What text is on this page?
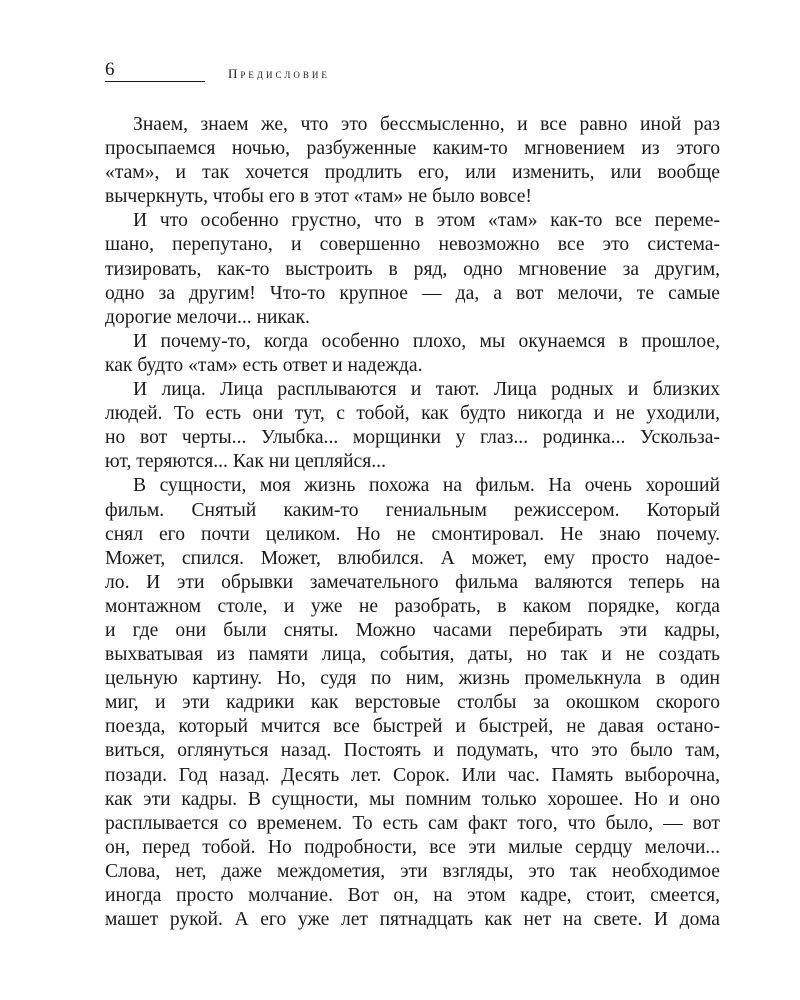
6	Предисловие
Знаем, знаем же, что это бессмысленно, и все равно иной раз
просыпаемся ночью, разбуженные каким-то мгновением из этого
«там», и так хочется продлить его, или изменить, или вообще
вычеркнуть, чтобы его в этот «там» не было вовсе!
И что особенно грустно, что в этом «там» как-то все переме-
шано, перепутано, и совершенно невозможно все это система-
тизировать, как-то выстроить в ряд, одно мгновение за другим,
одно за другим! Что-то крупное — да, а вот мелочи, те самые
дорогие мелочи... никак.
И почему-то, когда особенно плохо, мы окунаемся в прошлое,
как будто «там» есть ответ и надежда.
И лица. Лица расплываются и тают. Лица родных и близких
людей. То есть они тут, с тобой, как будто никогда и не уходили,
но вот черты... Улыбка... морщинки у глаз... родинка... Ускольза-
ют, теряются... Как ни цепляйся...
В сущности, моя жизнь похожа на фильм. На очень хороший
фильм. Снятый каким-то гениальным режиссером. Который
снял его почти целиком. Но не смонтировал. Не знаю почему.
Может, спился. Может, влюбился. А может, ему просто надое-
ло. И эти обрывки замечательного фильма валяются теперь на
монтажном столе, и уже не разобрать, в каком порядке, когда
и где они были сняты. Можно часами перебирать эти кадры,
выхватывая из памяти лица, события, даты, но так и не создать
цельную картину. Но, судя по ним, жизнь промелькнула в один
миг, и эти кадрики как верстовые столбы за окошком скорого
поезда, который мчится все быстрей и быстрей, не давая остано-
виться, оглянуться назад. Постоять и подумать, что это было там,
позади. Год назад. Десять лет. Сорок. Или час. Память выборочна,
как эти кадры. В сущности, мы помним только хорошее. Но и оно
расплывается со временем. То есть сам факт того, что было, — вот
он, перед тобой. Но подробности, все эти милые сердцу мелочи...
Слова, нет, даже междометия, эти взгляды, это так необходимое
иногда просто молчание. Вот он, на этом кадре, стоит, смеется,
машет рукой. А его уже лет пятнадцать как нет на свете. И дома
